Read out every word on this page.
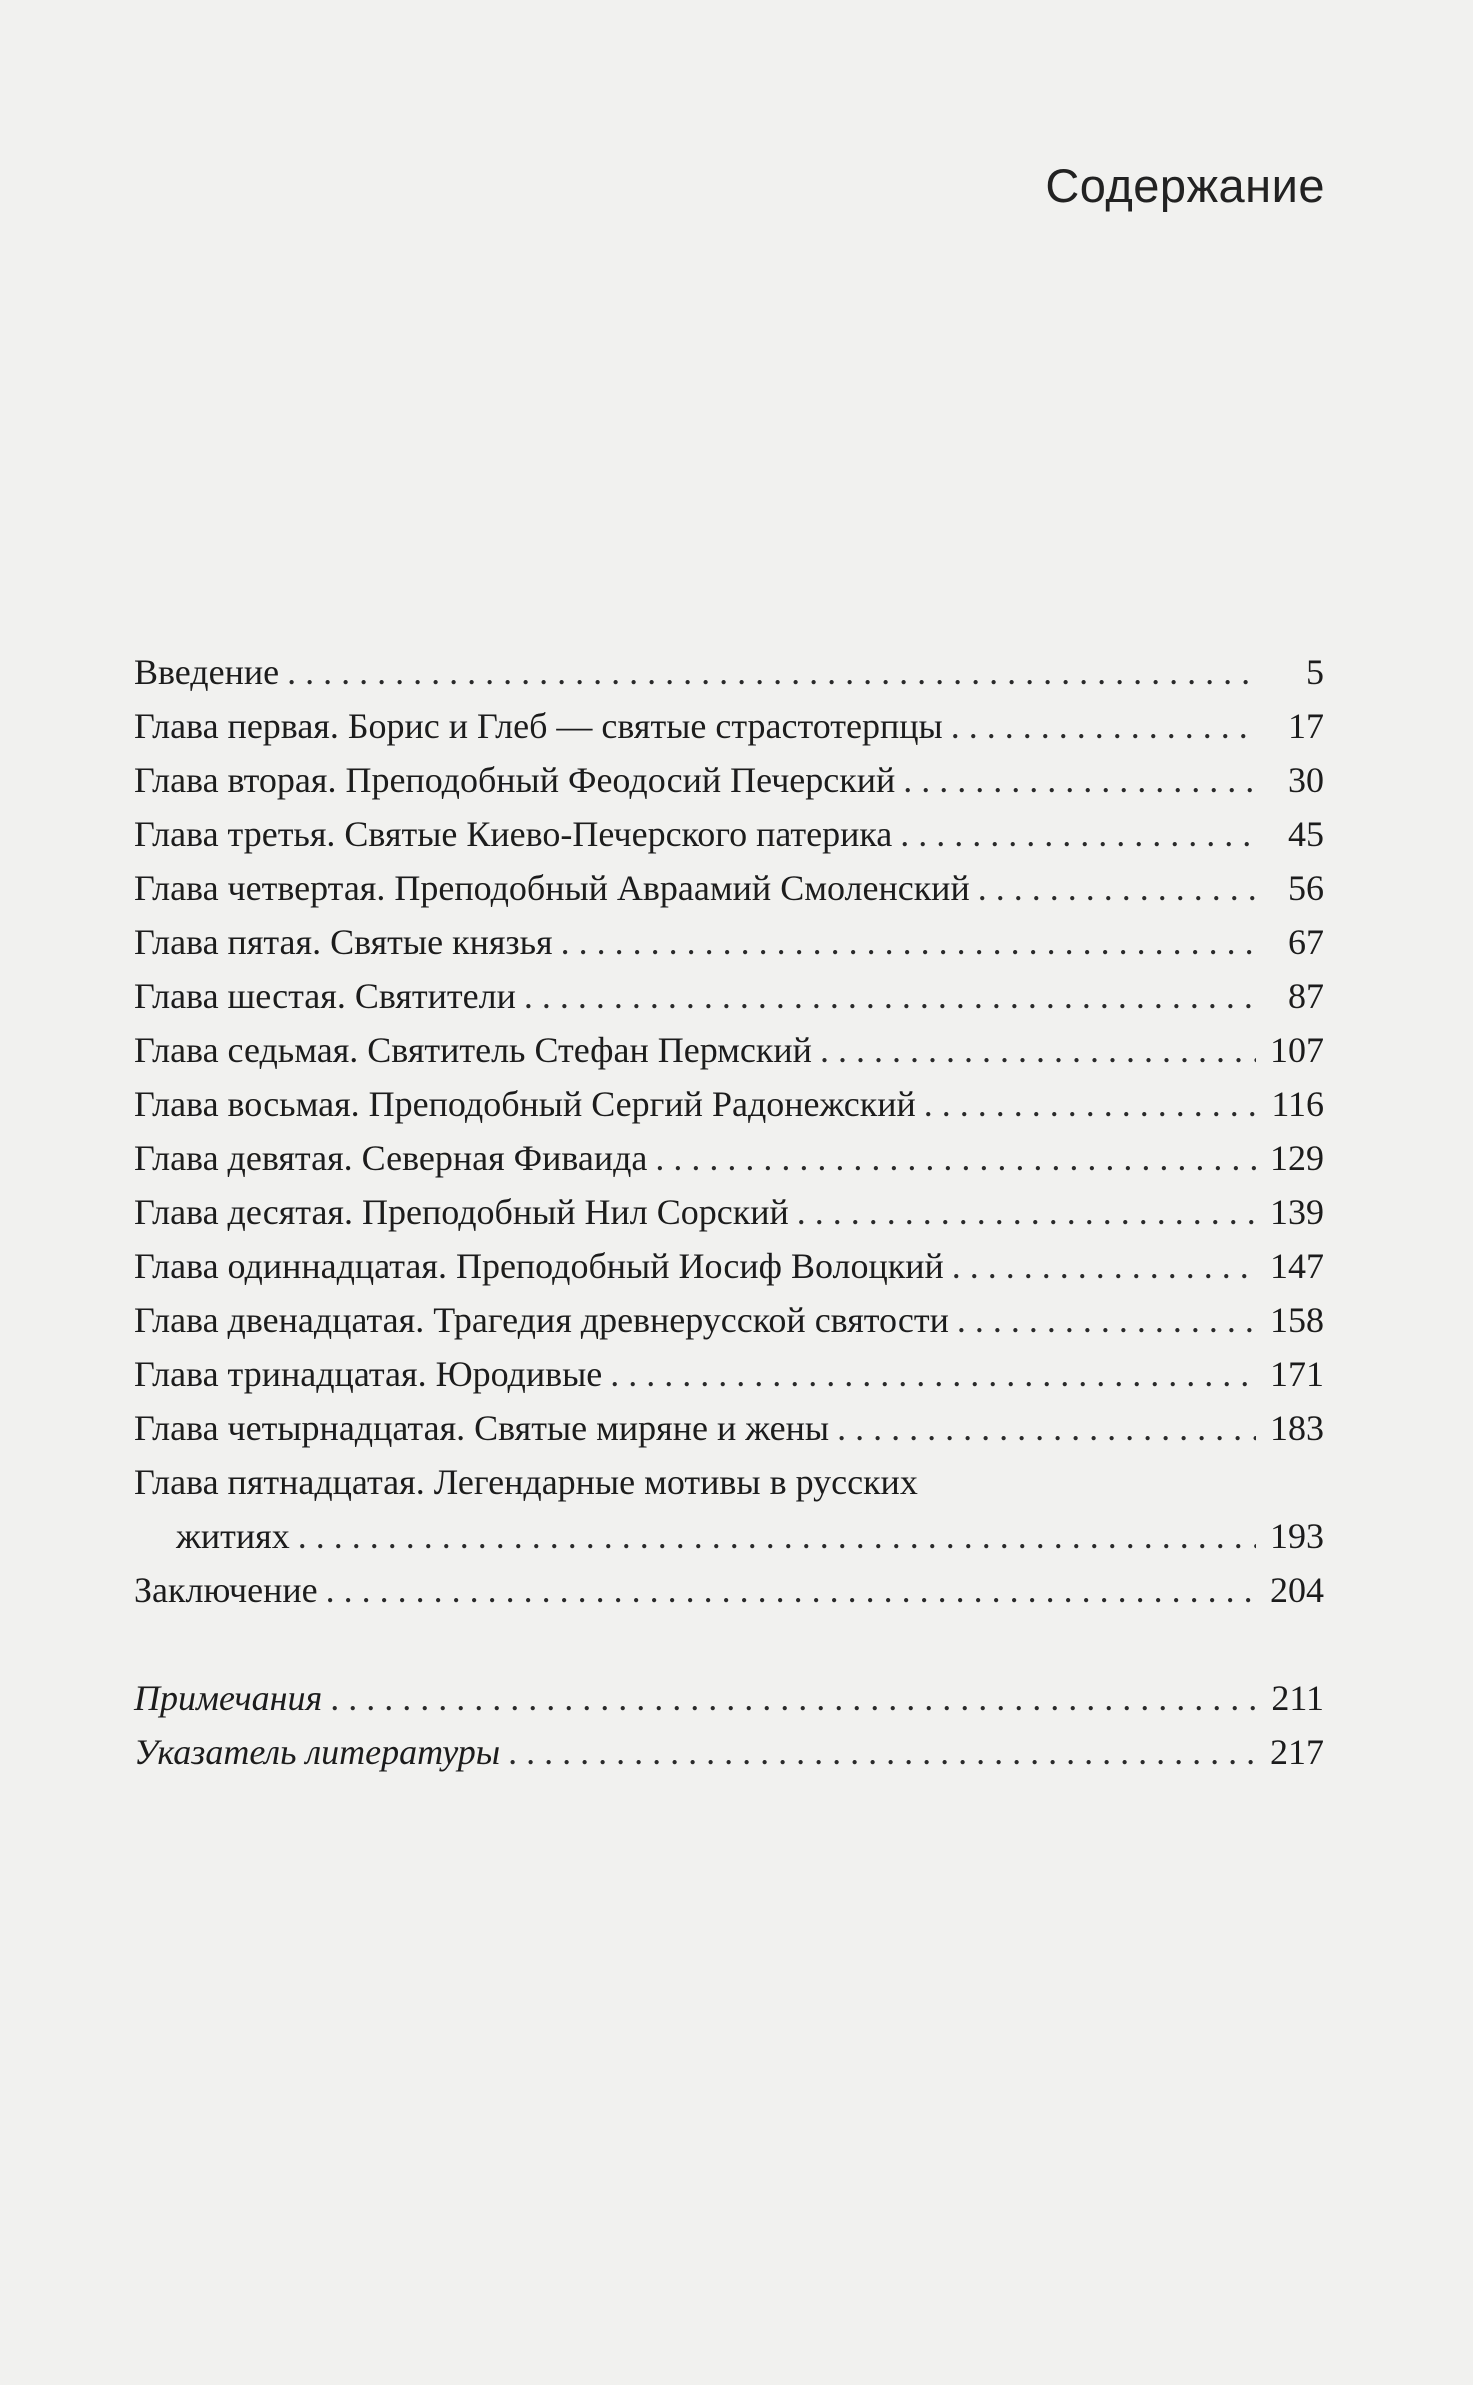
Содержание
Введение . . .	5
Глава первая. Борис и Глеб — святые страстотерпцы . . .	17
Глава вторая. Преподобный Феодосий Печерский . . .	30
Глава третья. Святые Киево-Печерского патерика . . .	45
Глава четвертая. Преподобный Авраамий Смоленский . . .	56
Глава пятая. Святые князья . . .	67
Глава шестая. Святители . . .	87
Глава седьмая. Святитель Стефан Пермский . . .	107
Глава восьмая. Преподобный Сергий Радонежский . . .	116
Глава девятая. Северная Фиваида . . .	129
Глава десятая. Преподобный Нил Сорский . . .	139
Глава одиннадцатая. Преподобный Иосиф Волоцкий . . .	147
Глава двенадцатая. Трагедия древнерусской святости . . .	158
Глава тринадцатая. Юродивые . . .	171
Глава четырнадцатая. Святые миряне и жены . . .	183
Глава пятнадцатая. Легендарные мотивы в русских
житиях . . .	193
Заключение . . .	204
Примечания . . .	211
Указатель литературы . . .	217
